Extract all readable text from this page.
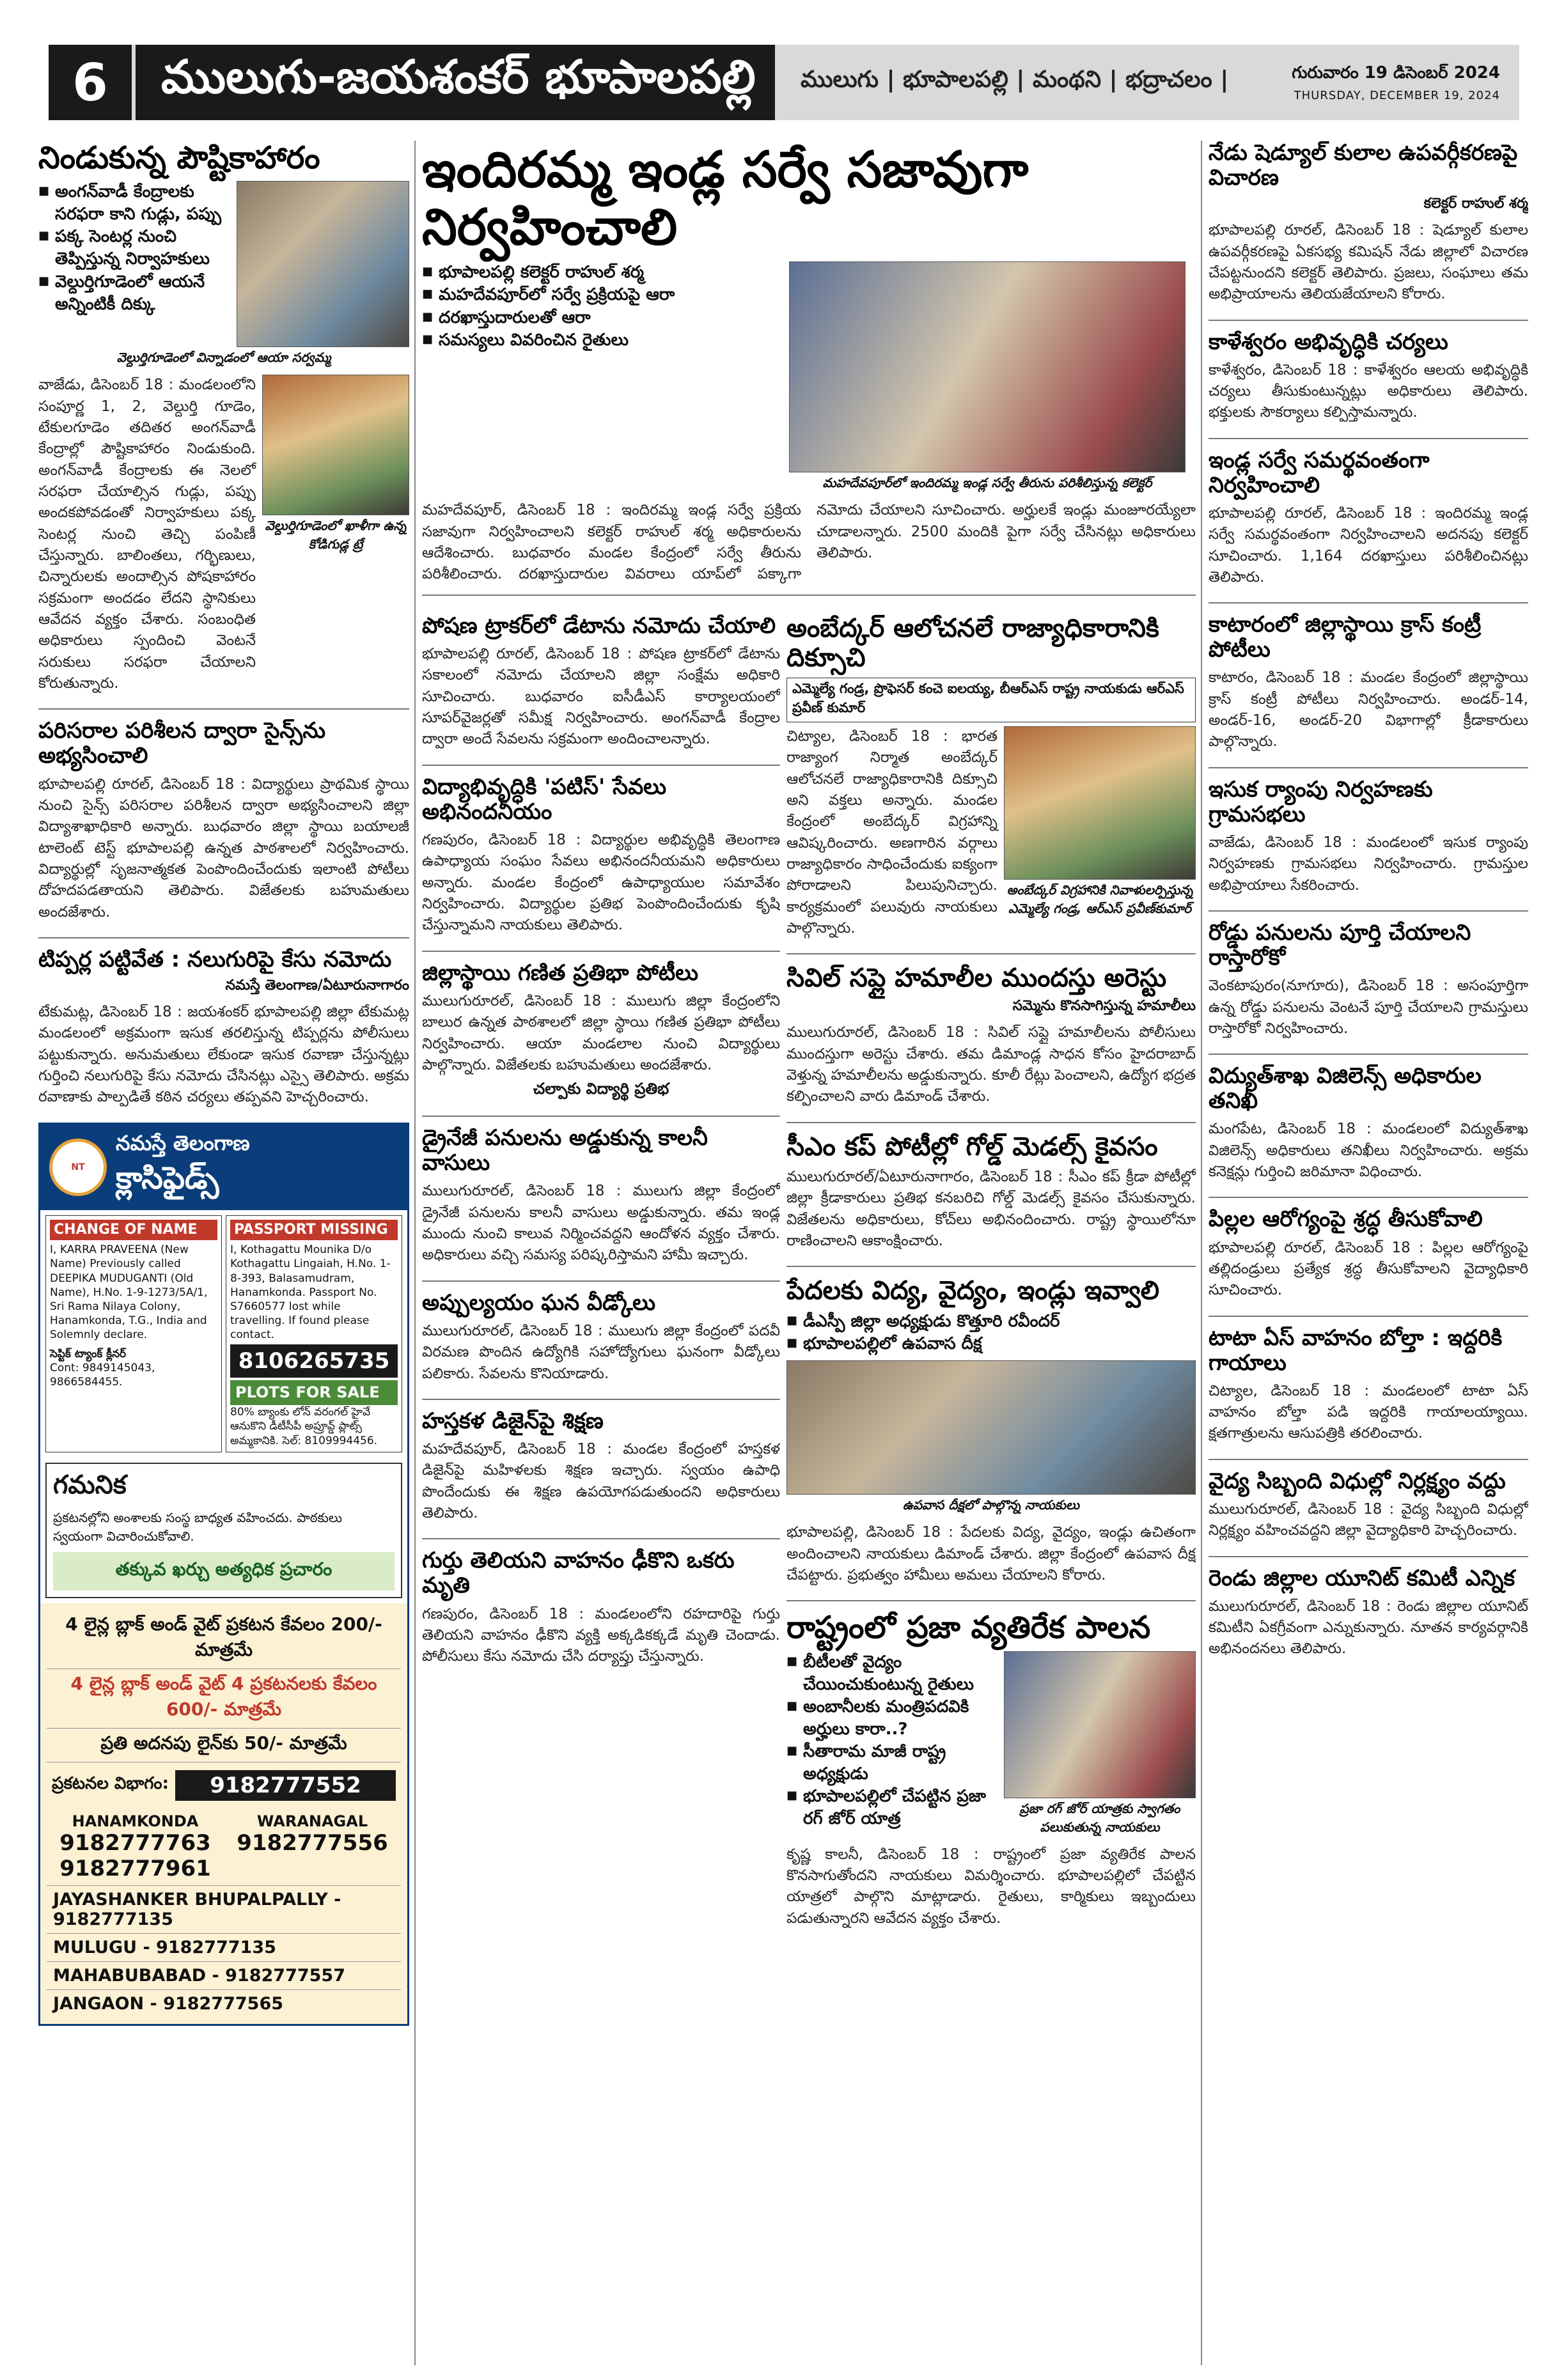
6	ములుగు-జయశంకర్ భూపాలపల్లి	ములుగు | భూపాలపల్లి | మంథని | భద్రాచలం |	గురువారం 19 డిసెంబర్ 2024
THURSDAY, DECEMBER 19, 2024
నిండుకున్న పౌష్టికాహారం
■ అంగన్‌వాడీ కేంద్రాలకు సరఫరా కాని గుడ్లు, పప్పు
■ పక్క సెంటర్ల నుంచి తెప్పిస్తున్న నిర్వాహకులు
■ వెల్దుర్తిగూడెంలో ఆయనే అన్నింటికీ దిక్కు
వెల్దుర్తిగూడెంలో విన్నాడంలో ఆయా సర్వమ్మ
వాజేడు, డిసెంబర్ 18 : మండలంలోని సంపూర్ణ 1, 2, వెల్దుర్తి గూడెం, టేకులగూడెం తదితర అంగన్‌వాడీ కేంద్రాల్లో పౌష్టికాహారం నిండుకుంది. అంగన్‌వాడీ కేంద్రాలకు ఈ నెలలో సరఫరా చేయాల్సిన గుడ్లు, పప్పు అందకపోవడంతో నిర్వాహకులు పక్క సెంటర్ల నుంచి తెచ్చి పంపిణీ చేస్తున్నారు. బాలింతలు, గర్భిణులు, చిన్నారులకు అందాల్సిన పోషకాహారం సక్రమంగా అందడం లేదని స్థానికులు ఆవేదన వ్యక్తం చేశారు. సంబంధిత అధికారులు స్పందించి వెంటనే సరుకులు సరఫరా చేయాలని కోరుతున్నారు.
వెల్దుర్తిగూడెంలో ఖాళీగా ఉన్న కోడిగుడ్ల ట్రే
పరిసరాల పరిశీలన ద్వారా సైన్స్‌ను అభ్యసించాలి
భూపాలపల్లి రూరల్, డిసెంబర్ 18 : విద్యార్థులు ప్రాథమిక స్థాయి నుంచి సైన్స్ పరిసరాల పరిశీలన ద్వారా అభ్యసించాలని జిల్లా విద్యాశాఖాధికారి అన్నారు. బుధవారం జిల్లా స్థాయి బయాలజీ టాలెంట్ టెస్ట్ భూపాలపల్లి ఉన్నత పాఠశాలలో నిర్వహించారు. విద్యార్థుల్లో సృజనాత్మకత పెంపొందించేందుకు ఇలాంటి పోటీలు దోహదపడతాయని తెలిపారు. విజేతలకు బహుమతులు అందజేశారు.
టిప్పర్ల పట్టివేత : నలుగురిపై కేసు నమోదు
నమస్తే తెలంగాణ/ఏటూరునాగారం
టేకుమట్ల, డిసెంబర్ 18 : జయశంకర్ భూపాలపల్లి జిల్లా టేకుమట్ల మండలంలో అక్రమంగా ఇసుక తరలిస్తున్న టిప్పర్లను పోలీసులు పట్టుకున్నారు. అనుమతులు లేకుండా ఇసుక రవాణా చేస్తున్నట్లు గుర్తించి నలుగురిపై కేసు నమోదు చేసినట్లు ఎస్సై తెలిపారు. అక్రమ రవాణాకు పాల్పడితే కఠిన చర్యలు తప్పవని హెచ్చరించారు.
NT
నమస్తే తెలంగాణ
క్లాసిఫైడ్స్
CHANGE OF NAME
I, KARRA PRAVEENA (New Name) Previously called DEEPIKA MUDUGANTI (Old Name), H.No. 1-9-1273/5A/1, Sri Rama Nilaya Colony, Hanamkonda, T.G., India and Solemnly declare.
సెప్టిక్ ట్యాంక్ క్లీనర్
Cont: 9849145043, 9866584455.
PASSPORT MISSING
I, Kothagattu Mounika D/o Kothagattu Lingaiah, H.No. 1-8-393, Balasamudram, Hanamkonda. Passport No. S7660577 lost while travelling. If found please contact.
8106265735
PLOTS FOR SALE
80% బ్యాంకు లోన్ వరంగల్ హైవే ఆనుకొని డీటీసీపీ అప్రూవ్డ్ ప్లాట్స్ అమ్మకానికి. సెల్: 8109994456.
గమనిక
ప్రకటనల్లోని అంశాలకు సంస్థ బాధ్యత వహించదు. పాఠకులు స్వయంగా విచారించుకోవాలి.
తక్కువ ఖర్చు అత్యధిక ప్రచారం
4 లైన్ల బ్లాక్ అండ్ వైట్ ప్రకటన కేవలం 200/- మాత్రమే
4 లైన్ల బ్లాక్ అండ్ వైట్ 4 ప్రకటనలకు కేవలం 600/- మాత్రమే
ప్రతి అదనపు లైన్‌కు 50/- మాత్రమే
ప్రకటనల విభాగం:	9182777552
HANAMKONDA
9182777763
9182777961
WARANAGAL
9182777556
JAYASHANKER BHUPALPALLY - 9182777135
MULUGU - 9182777135
MAHABUBABAD - 9182777557
JANGAON - 9182777565
ఇందిరమ్మ ఇండ్ల సర్వే సజావుగా నిర్వహించాలి
■ భూపాలపల్లి కలెక్టర్ రాహుల్ శర్మ
■ మహదేవపూర్‌లో సర్వే ప్రక్రియపై ఆరా
■ దరఖాస్తుదారులతో ఆరా
■ సమస్యలు వివరించిన రైతులు
మహదేవపూర్‌లో ఇందిరమ్మ ఇండ్ల సర్వే తీరును పరిశీలిస్తున్న కలెక్టర్
మహదేవపూర్, డిసెంబర్ 18 : ఇందిరమ్మ ఇండ్ల సర్వే ప్రక్రియ సజావుగా నిర్వహించాలని కలెక్టర్ రాహుల్ శర్మ అధికారులను ఆదేశించారు. బుధవారం మండల కేంద్రంలో సర్వే తీరును పరిశీలించారు. దరఖాస్తుదారుల వివరాలు యాప్‌లో పక్కాగా నమోదు చేయాలని సూచించారు. అర్హులకే ఇండ్లు మంజూరయ్యేలా చూడాలన్నారు. 2500 మందికి పైగా సర్వే చేసినట్లు అధికారులు తెలిపారు.
పోషణ ట్రాకర్‌లో డేటాను నమోదు చేయాలి
భూపాలపల్లి రూరల్, డిసెంబర్ 18 : పోషణ ట్రాకర్‌లో డేటాను సకాలంలో నమోదు చేయాలని జిల్లా సంక్షేమ అధికారి సూచించారు. బుధవారం ఐసీడీఎస్ కార్యాలయంలో సూపర్‌వైజర్లతో సమీక్ష నిర్వహించారు. అంగన్‌వాడీ కేంద్రాల ద్వారా అందే సేవలను సక్రమంగా అందించాలన్నారు.
విద్యాభివృద్ధికి 'పటిస్' సేవలు అభినందనీయం
గణపురం, డిసెంబర్ 18 : విద్యార్థుల అభివృద్ధికి తెలంగాణ ఉపాధ్యాయ సంఘం సేవలు అభినందనీయమని అధికారులు అన్నారు. మండల కేంద్రంలో ఉపాధ్యాయుల సమావేశం నిర్వహించారు. విద్యార్థుల ప్రతిభ పెంపొందించేందుకు కృషి చేస్తున్నామని నాయకులు తెలిపారు.
జిల్లాస్థాయి గణిత ప్రతిభా పోటీలు
ములుగురూరల్, డిసెంబర్ 18 : ములుగు జిల్లా కేంద్రంలోని బాలుర ఉన్నత పాఠశాలలో జిల్లా స్థాయి గణిత ప్రతిభా పోటీలు నిర్వహించారు. ఆయా మండలాల నుంచి విద్యార్థులు పాల్గొన్నారు. విజేతలకు బహుమతులు అందజేశారు.
చల్పాకు విద్యార్థి ప్రతిభ
డ్రైనేజీ పనులను అడ్డుకున్న కాలనీ వాసులు
ములుగురూరల్, డిసెంబర్ 18 : ములుగు జిల్లా కేంద్రంలో డ్రైనేజీ పనులను కాలనీ వాసులు అడ్డుకున్నారు. తమ ఇండ్ల ముందు నుంచి కాలువ నిర్మించవద్దని ఆందోళన వ్యక్తం చేశారు. అధికారులు వచ్చి సమస్య పరిష్కరిస్తామని హామీ ఇచ్చారు.
అప్పుల్యయం ఘన వీడ్కోలు
ములుగురూరల్, డిసెంబర్ 18 : ములుగు జిల్లా కేంద్రంలో పదవీ విరమణ పొందిన ఉద్యోగికి సహోద్యోగులు ఘనంగా వీడ్కోలు పలికారు. సేవలను కొనియాడారు.
హస్తకళ డిజైన్‌పై శిక్షణ
మహదేవపూర్, డిసెంబర్ 18 : మండల కేంద్రంలో హస్తకళ డిజైన్‌పై మహిళలకు శిక్షణ ఇచ్చారు. స్వయం ఉపాధి పొందేందుకు ఈ శిక్షణ ఉపయోగపడుతుందని అధికారులు తెలిపారు.
గుర్తు తెలియని వాహనం ఢీకొని ఒకరు మృతి
గణపురం, డిసెంబర్ 18 : మండలంలోని రహదారిపై గుర్తు తెలియని వాహనం ఢీకొని వ్యక్తి అక్కడికక్కడే మృతి చెందాడు. పోలీసులు కేసు నమోదు చేసి దర్యాప్తు చేస్తున్నారు.
అంబేద్కర్ ఆలోచనలే రాజ్యాధికారానికి దిక్సూచి
ఎమ్మెల్యే గండ్ర, ప్రొఫెసర్ కంచె ఐలయ్య, బీఆర్‌ఎస్ రాష్ట్ర నాయకుడు ఆర్ఎస్ ప్రవీణ్ కుమార్
చిట్యాల, డిసెంబర్ 18 : భారత రాజ్యాంగ నిర్మాత అంబేద్కర్ ఆలోచనలే రాజ్యాధికారానికి దిక్సూచి అని వక్తలు అన్నారు. మండల కేంద్రంలో అంబేద్కర్ విగ్రహాన్ని ఆవిష్కరించారు. అణగారిన వర్గాలు రాజ్యాధికారం సాధించేందుకు ఐక్యంగా పోరాడాలని పిలుపునిచ్చారు. కార్యక్రమంలో పలువురు నాయకులు పాల్గొన్నారు.
అంబేద్కర్ విగ్రహానికి నివాళులర్పిస్తున్న ఎమ్మెల్యే గండ్ర, ఆర్ఎస్ ప్రవీణ్‌కుమార్
సివిల్ సప్లై హమాలీల ముందస్తు అరెస్టు
సమ్మెను కొనసాగిస్తున్న హమాలీలు
ములుగురూరల్, డిసెంబర్ 18 : సివిల్ సప్లై హమాలీలను పోలీసులు ముందస్తుగా అరెస్టు చేశారు. తమ డిమాండ్ల సాధన కోసం హైదరాబాద్ వెళ్తున్న హమాలీలను అడ్డుకున్నారు. కూలీ రేట్లు పెంచాలని, ఉద్యోగ భద్రత కల్పించాలని వారు డిమాండ్ చేశారు.
సీఎం కప్ పోటీల్లో గోల్డ్ మెడల్స్ కైవసం
ములుగురూరల్/ఏటూరునాగారం, డిసెంబర్ 18 : సీఎం కప్ క్రీడా పోటీల్లో జిల్లా క్రీడాకారులు ప్రతిభ కనబరిచి గోల్డ్ మెడల్స్ కైవసం చేసుకున్నారు. విజేతలను అధికారులు, కోచ్‌లు అభినందించారు. రాష్ట్ర స్థాయిలోనూ రాణించాలని ఆకాంక్షించారు.
పేదలకు విద్య, వైద్యం, ఇండ్లు ఇవ్వాలి
■ డీఎస్పీ జిల్లా అధ్యక్షుడు కొత్తూరి రవీందర్
■ భూపాలపల్లిలో ఉపవాస దీక్ష
ఉపవాస దీక్షలో పాల్గొన్న నాయకులు
భూపాలపల్లి, డిసెంబర్ 18 : పేదలకు విద్య, వైద్యం, ఇండ్లు ఉచితంగా అందించాలని నాయకులు డిమాండ్ చేశారు. జిల్లా కేంద్రంలో ఉపవాస దీక్ష చేపట్టారు. ప్రభుత్వం హామీలు అమలు చేయాలని కోరారు.
రాష్ట్రంలో ప్రజా వ్యతిరేక పాలన
■ బీటీలతో వైద్యం చేయించుకుంటున్న రైతులు
■ అంబానీలకు మంత్రిపదవికి అర్హులు కారా..?
■ సీతారామ మాజీ రాష్ట్ర అధ్యక్షుడు
■ భూపాలపల్లిలో చేపట్టిన ప్రజా రగ్ జోర్ యాత్ర
ప్రజా రగ్ జోర్ యాత్రకు స్వాగతం పలుకుతున్న నాయకులు
కృష్ణ కాలనీ, డిసెంబర్ 18 : రాష్ట్రంలో ప్రజా వ్యతిరేక పాలన కొనసాగుతోందని నాయకులు విమర్శించారు. భూపాలపల్లిలో చేపట్టిన యాత్రలో పాల్గొని మాట్లాడారు. రైతులు, కార్మికులు ఇబ్బందులు పడుతున్నారని ఆవేదన వ్యక్తం చేశారు.
నేడు షెడ్యూల్ కులాల ఉపవర్గీకరణపై విచారణ
కలెక్టర్ రాహుల్ శర్మ
భూపాలపల్లి రూరల్, డిసెంబర్ 18 : షెడ్యూల్ కులాల ఉపవర్గీకరణపై ఏకసభ్య కమిషన్ నేడు జిల్లాలో విచారణ చేపట్టనుందని కలెక్టర్ తెలిపారు. ప్రజలు, సంఘాలు తమ అభిప్రాయాలను తెలియజేయాలని కోరారు.
కాళేశ్వరం అభివృద్ధికి చర్యలు
కాళేశ్వరం, డిసెంబర్ 18 : కాళేశ్వరం ఆలయ అభివృద్ధికి చర్యలు తీసుకుంటున్నట్లు అధికారులు తెలిపారు. భక్తులకు సౌకర్యాలు కల్పిస్తామన్నారు.
ఇండ్ల సర్వే సమర్థవంతంగా నిర్వహించాలి
భూపాలపల్లి రూరల్, డిసెంబర్ 18 : ఇందిరమ్మ ఇండ్ల సర్వే సమర్థవంతంగా నిర్వహించాలని అదనపు కలెక్టర్ సూచించారు. 1,164 దరఖాస్తులు పరిశీలించినట్లు తెలిపారు.
కాటారంలో జిల్లాస్థాయి క్రాస్ కంట్రీ పోటీలు
కాటారం, డిసెంబర్ 18 : మండల కేంద్రంలో జిల్లాస్థాయి క్రాస్ కంట్రీ పోటీలు నిర్వహించారు. అండర్-14, అండర్-16, అండర్-20 విభాగాల్లో క్రీడాకారులు పాల్గొన్నారు.
ఇసుక ర్యాంపు నిర్వహణకు గ్రామసభలు
వాజేడు, డిసెంబర్ 18 : మండలంలో ఇసుక ర్యాంపు నిర్వహణకు గ్రామసభలు నిర్వహించారు. గ్రామస్తుల అభిప్రాయాలు సేకరించారు.
రోడ్డు పనులను పూర్తి చేయాలని రాస్తారోకో
వెంకటాపురం(నూగూరు), డిసెంబర్ 18 : అసంపూర్తిగా ఉన్న రోడ్డు పనులను వెంటనే పూర్తి చేయాలని గ్రామస్తులు రాస్తారోకో నిర్వహించారు.
విద్యుత్‌శాఖ విజిలెన్స్ అధికారుల తనిఖీ
మంగపేట, డిసెంబర్ 18 : మండలంలో విద్యుత్‌శాఖ విజిలెన్స్ అధికారులు తనిఖీలు నిర్వహించారు. అక్రమ కనెక్షన్లు గుర్తించి జరిమానా విధించారు.
పిల్లల ఆరోగ్యంపై శ్రద్ధ తీసుకోవాలి
భూపాలపల్లి రూరల్, డిసెంబర్ 18 : పిల్లల ఆరోగ్యంపై తల్లిదండ్రులు ప్రత్యేక శ్రద్ధ తీసుకోవాలని వైద్యాధికారి సూచించారు.
టాటా ఏస్ వాహనం బోల్తా : ఇద్దరికి గాయాలు
చిట్యాల, డిసెంబర్ 18 : మండలంలో టాటా ఏస్ వాహనం బోల్తా పడి ఇద్దరికి గాయాలయ్యాయి. క్షతగాత్రులను ఆసుపత్రికి తరలించారు.
వైద్య సిబ్బంది విధుల్లో నిర్లక్ష్యం వద్దు
ములుగురూరల్, డిసెంబర్ 18 : వైద్య సిబ్బంది విధుల్లో నిర్లక్ష్యం వహించవద్దని జిల్లా వైద్యాధికారి హెచ్చరించారు.
రెండు జిల్లాల యూనిట్ కమిటీ ఎన్నిక
ములుగురూరల్, డిసెంబర్ 18 : రెండు జిల్లాల యూనిట్ కమిటీని ఏకగ్రీవంగా ఎన్నుకున్నారు. నూతన కార్యవర్గానికి అభినందనలు తెలిపారు.
